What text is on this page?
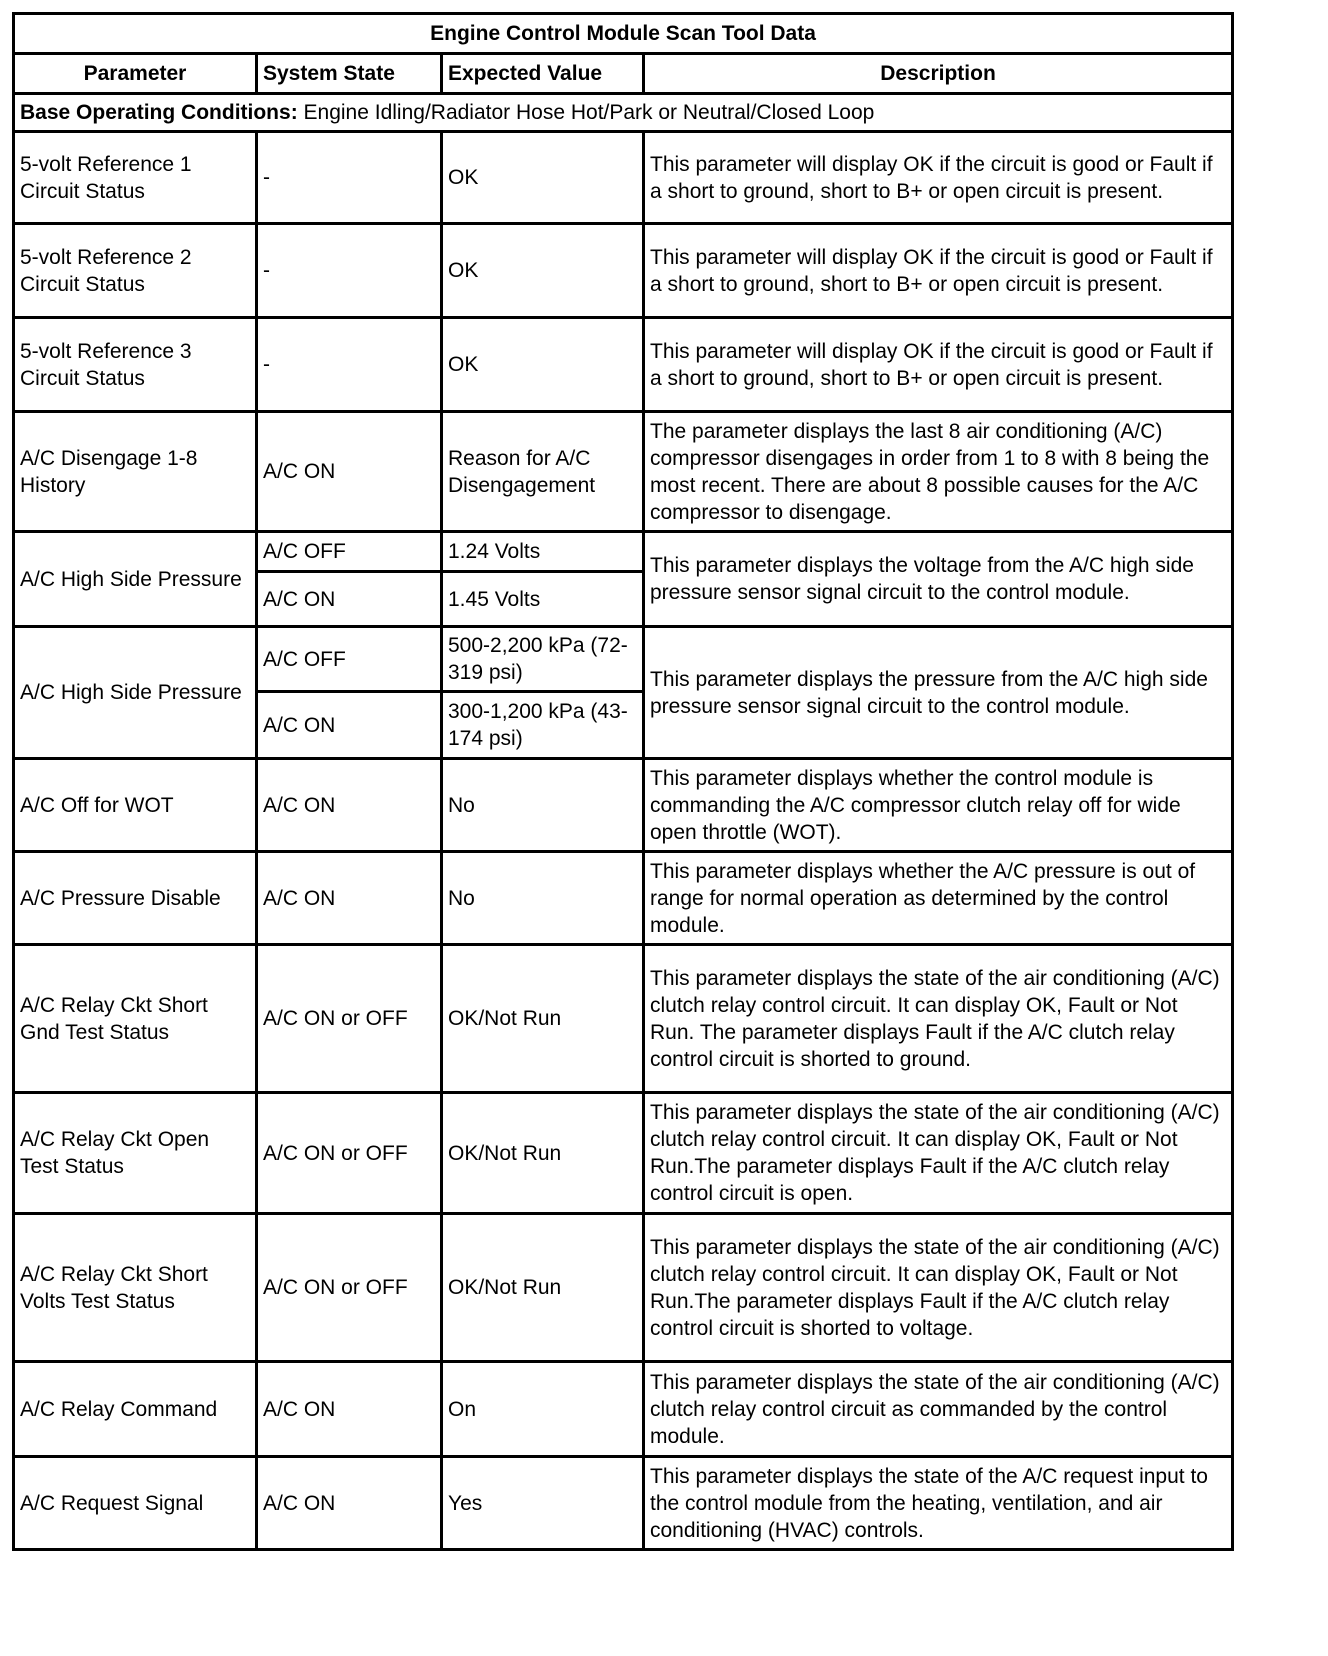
Engine Control Module Scan Tool Data			
Parameter	System State	Expected Value	Description
Base Operating Conditions: Engine Idling/Radiator Hose Hot/Park or Neutral/Closed Loop			
5-volt Reference 1 Circuit Status	-	OK	This parameter will display OK if the circuit is good or Fault if a short to ground, short to B+ or open circuit is present.
5-volt Reference 2 Circuit Status	-	OK	This parameter will display OK if the circuit is good or Fault if a short to ground, short to B+ or open circuit is present.
5-volt Reference 3 Circuit Status	-	OK	This parameter will display OK if the circuit is good or Fault if a short to ground, short to B+ or open circuit is present.
A/C Disengage 1-8 History	A/C ON	Reason for A/C Disengagement	The parameter displays the last 8 air conditioning (A/C) compressor disengages in order from 1 to 8 with 8 being the most recent. There are about 8 possible causes for the A/C compressor to disengage.
A/C High Side Pressure	A/C OFF	1.24 Volts	This parameter displays the voltage from the A/C high side pressure sensor signal circuit to the control module.
	A/C ON	1.45 Volts	
A/C High Side Pressure	A/C OFF	500-2,200 kPa (72-319 psi)	This parameter displays the pressure from the A/C high side pressure sensor signal circuit to the control module.
	A/C ON	300-1,200 kPa (43-174 psi)	
A/C Off for WOT	A/C ON	No	This parameter displays whether the control module is commanding the A/C compressor clutch relay off for wide open throttle (WOT).
A/C Pressure Disable	A/C ON	No	This parameter displays whether the A/C pressure is out of range for normal operation as determined by the control module.
A/C Relay Ckt Short Gnd Test Status	A/C ON or OFF	OK/Not Run	This parameter displays the state of the air conditioning (A/C) clutch relay control circuit. It can display OK, Fault or Not Run. The parameter displays Fault if the A/C clutch relay control circuit is shorted to ground.
A/C Relay Ckt Open Test Status	A/C ON or OFF	OK/Not Run	This parameter displays the state of the air conditioning (A/C) clutch relay control circuit. It can display OK, Fault or Not Run.The parameter displays Fault if the A/C clutch relay control circuit is open.
A/C Relay Ckt Short Volts Test Status	A/C ON or OFF	OK/Not Run	This parameter displays the state of the air conditioning (A/C) clutch relay control circuit. It can display OK, Fault or Not Run.The parameter displays Fault if the A/C clutch relay control circuit is shorted to voltage.
A/C Relay Command	A/C ON	On	This parameter displays the state of the air conditioning (A/C) clutch relay control circuit as commanded by the control module.
A/C Request Signal	A/C ON	Yes	This parameter displays the state of the A/C request input to the control module from the heating, ventilation, and air conditioning (HVAC) controls.
